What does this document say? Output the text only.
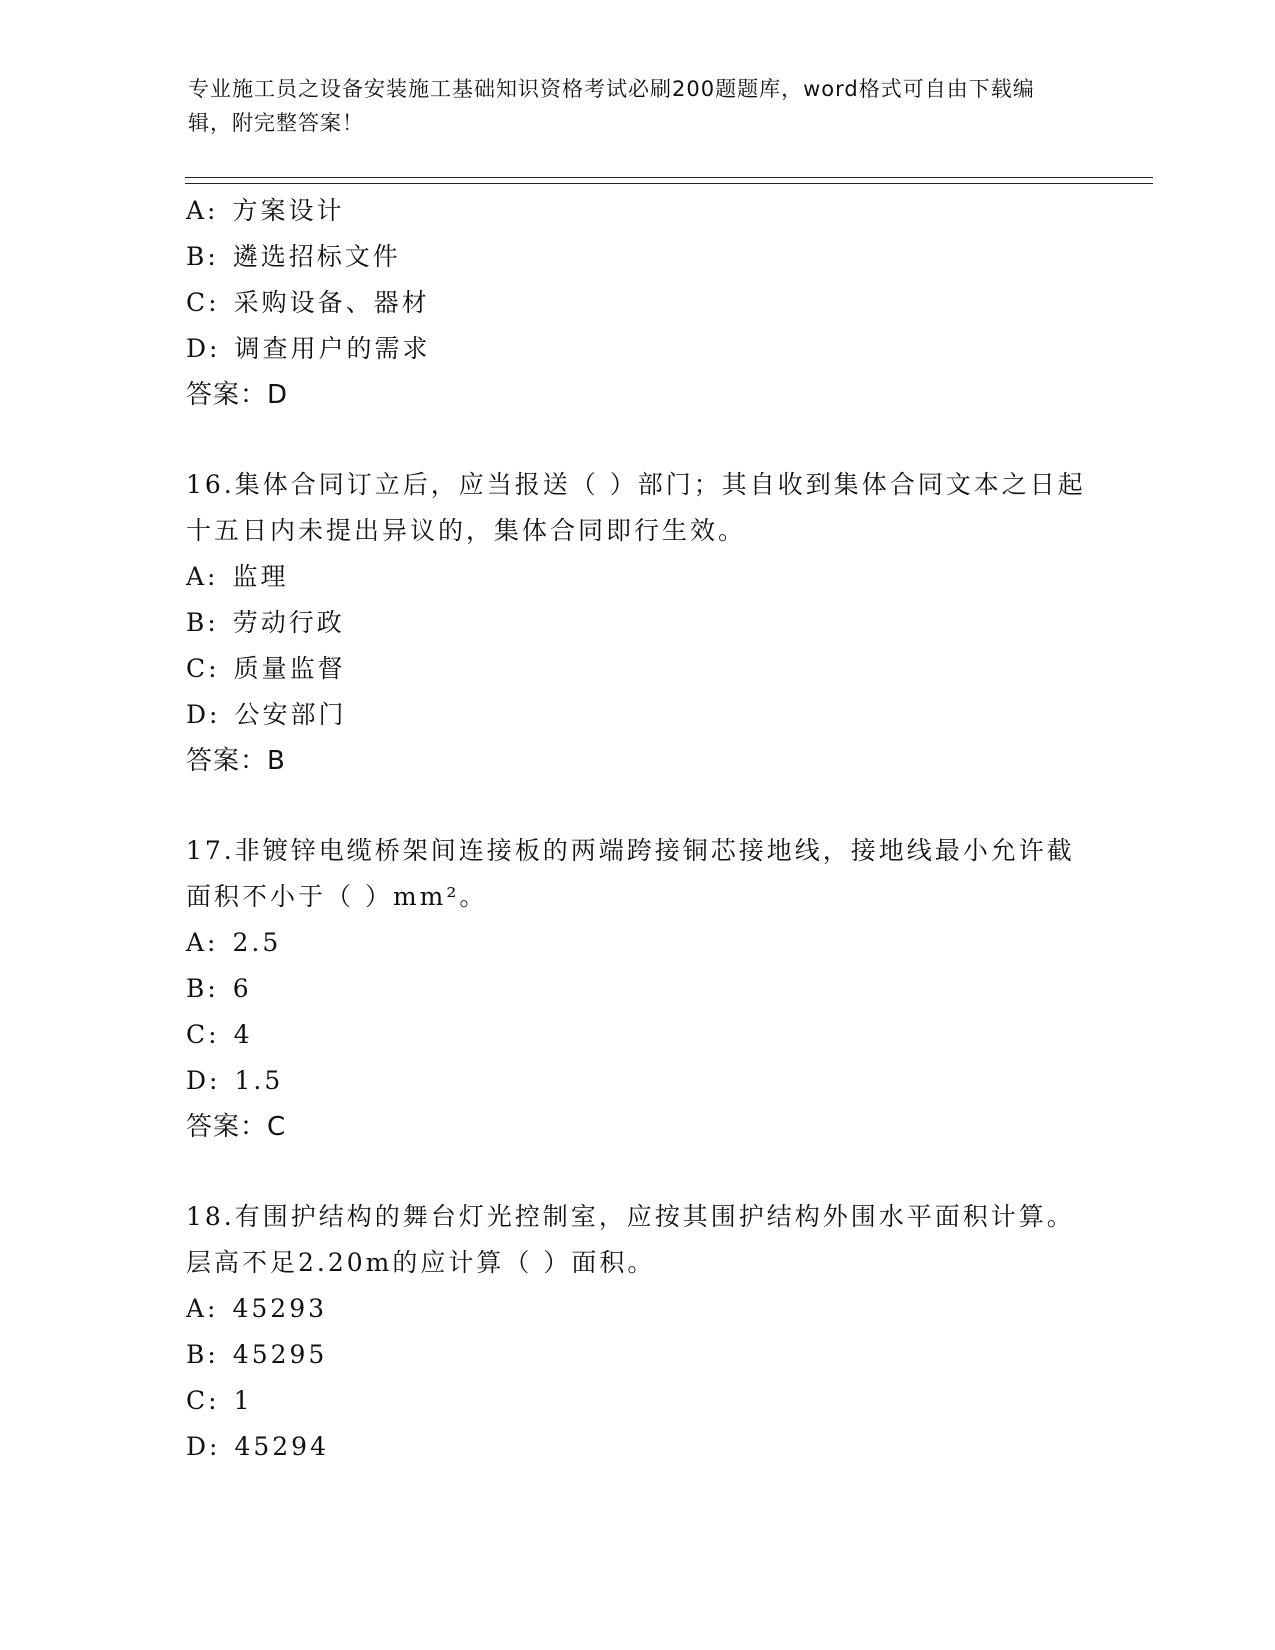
专业施工员之设备安装施工基础知识资格考试必刷200题题库，word格式可自由下载编辑，附完整答案！
A: 方案设计
B: 遴选招标文件
C: 采购设备、器材
D: 调查用户的需求
答案：D
16.集体合同订立后，应当报送（ ）部门；其自收到集体合同文本之日起十五日内未提出异议的，集体合同即行生效。
A: 监理
B: 劳动行政
C: 质量监督
D: 公安部门
答案：B
17.非镀锌电缆桥架间连接板的两端跨接铜芯接地线，接地线最小允许截面积不小于（ ）mm²。
A: 2.5
B: 6
C: 4
D: 1.5
答案：C
18.有围护结构的舞台灯光控制室，应按其围护结构外围水平面积计算。层高不足2.20m的应计算（ ）面积。
A: 45293
B: 45295
C: 1
D: 45294
